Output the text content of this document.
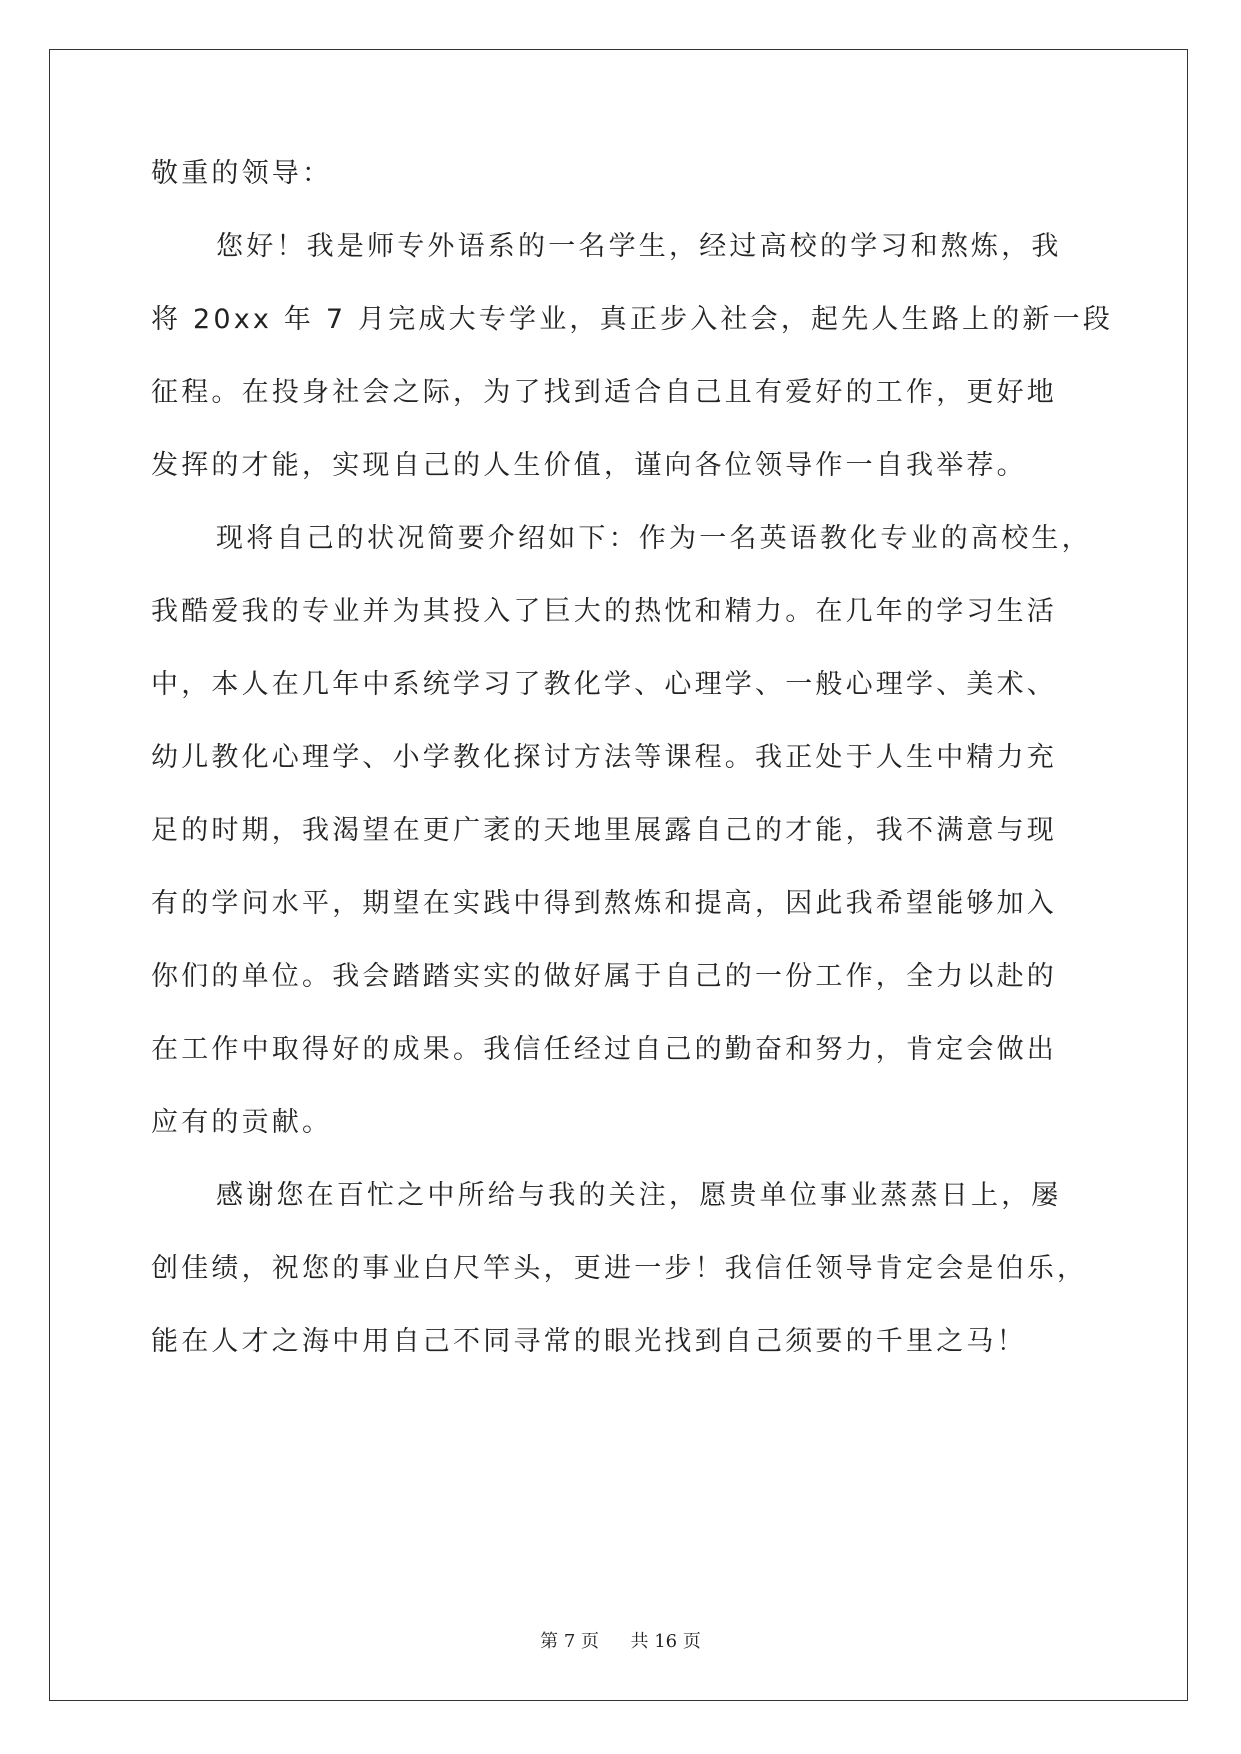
敬重的领导：
您好！我是师专外语系的一名学生，经过高校的学习和熬炼，我
将 20xx 年 7 月完成大专学业，真正步入社会，起先人生路上的新一段
征程。在投身社会之际，为了找到适合自己且有爱好的工作，更好地
发挥的才能，实现自己的人生价值，谨向各位领导作一自我举荐。
现将自己的状况简要介绍如下：作为一名英语教化专业的高校生，
我酷爱我的专业并为其投入了巨大的热忱和精力。在几年的学习生活
中，本人在几年中系统学习了教化学、心理学、一般心理学、美术、
幼儿教化心理学、小学教化探讨方法等课程。我正处于人生中精力充
足的时期，我渴望在更广袤的天地里展露自己的才能，我不满意与现
有的学问水平，期望在实践中得到熬炼和提高，因此我希望能够加入
你们的单位。我会踏踏实实的做好属于自己的一份工作，全力以赴的
在工作中取得好的成果。我信任经过自己的勤奋和努力，肯定会做出
应有的贡献。
感谢您在百忙之中所给与我的关注，愿贵单位事业蒸蒸日上，屡
创佳绩，祝您的事业白尺竿头，更进一步！我信任领导肯定会是伯乐，
能在人才之海中用自己不同寻常的眼光找到自己须要的千里之马！
第 7 页 共 16 页
